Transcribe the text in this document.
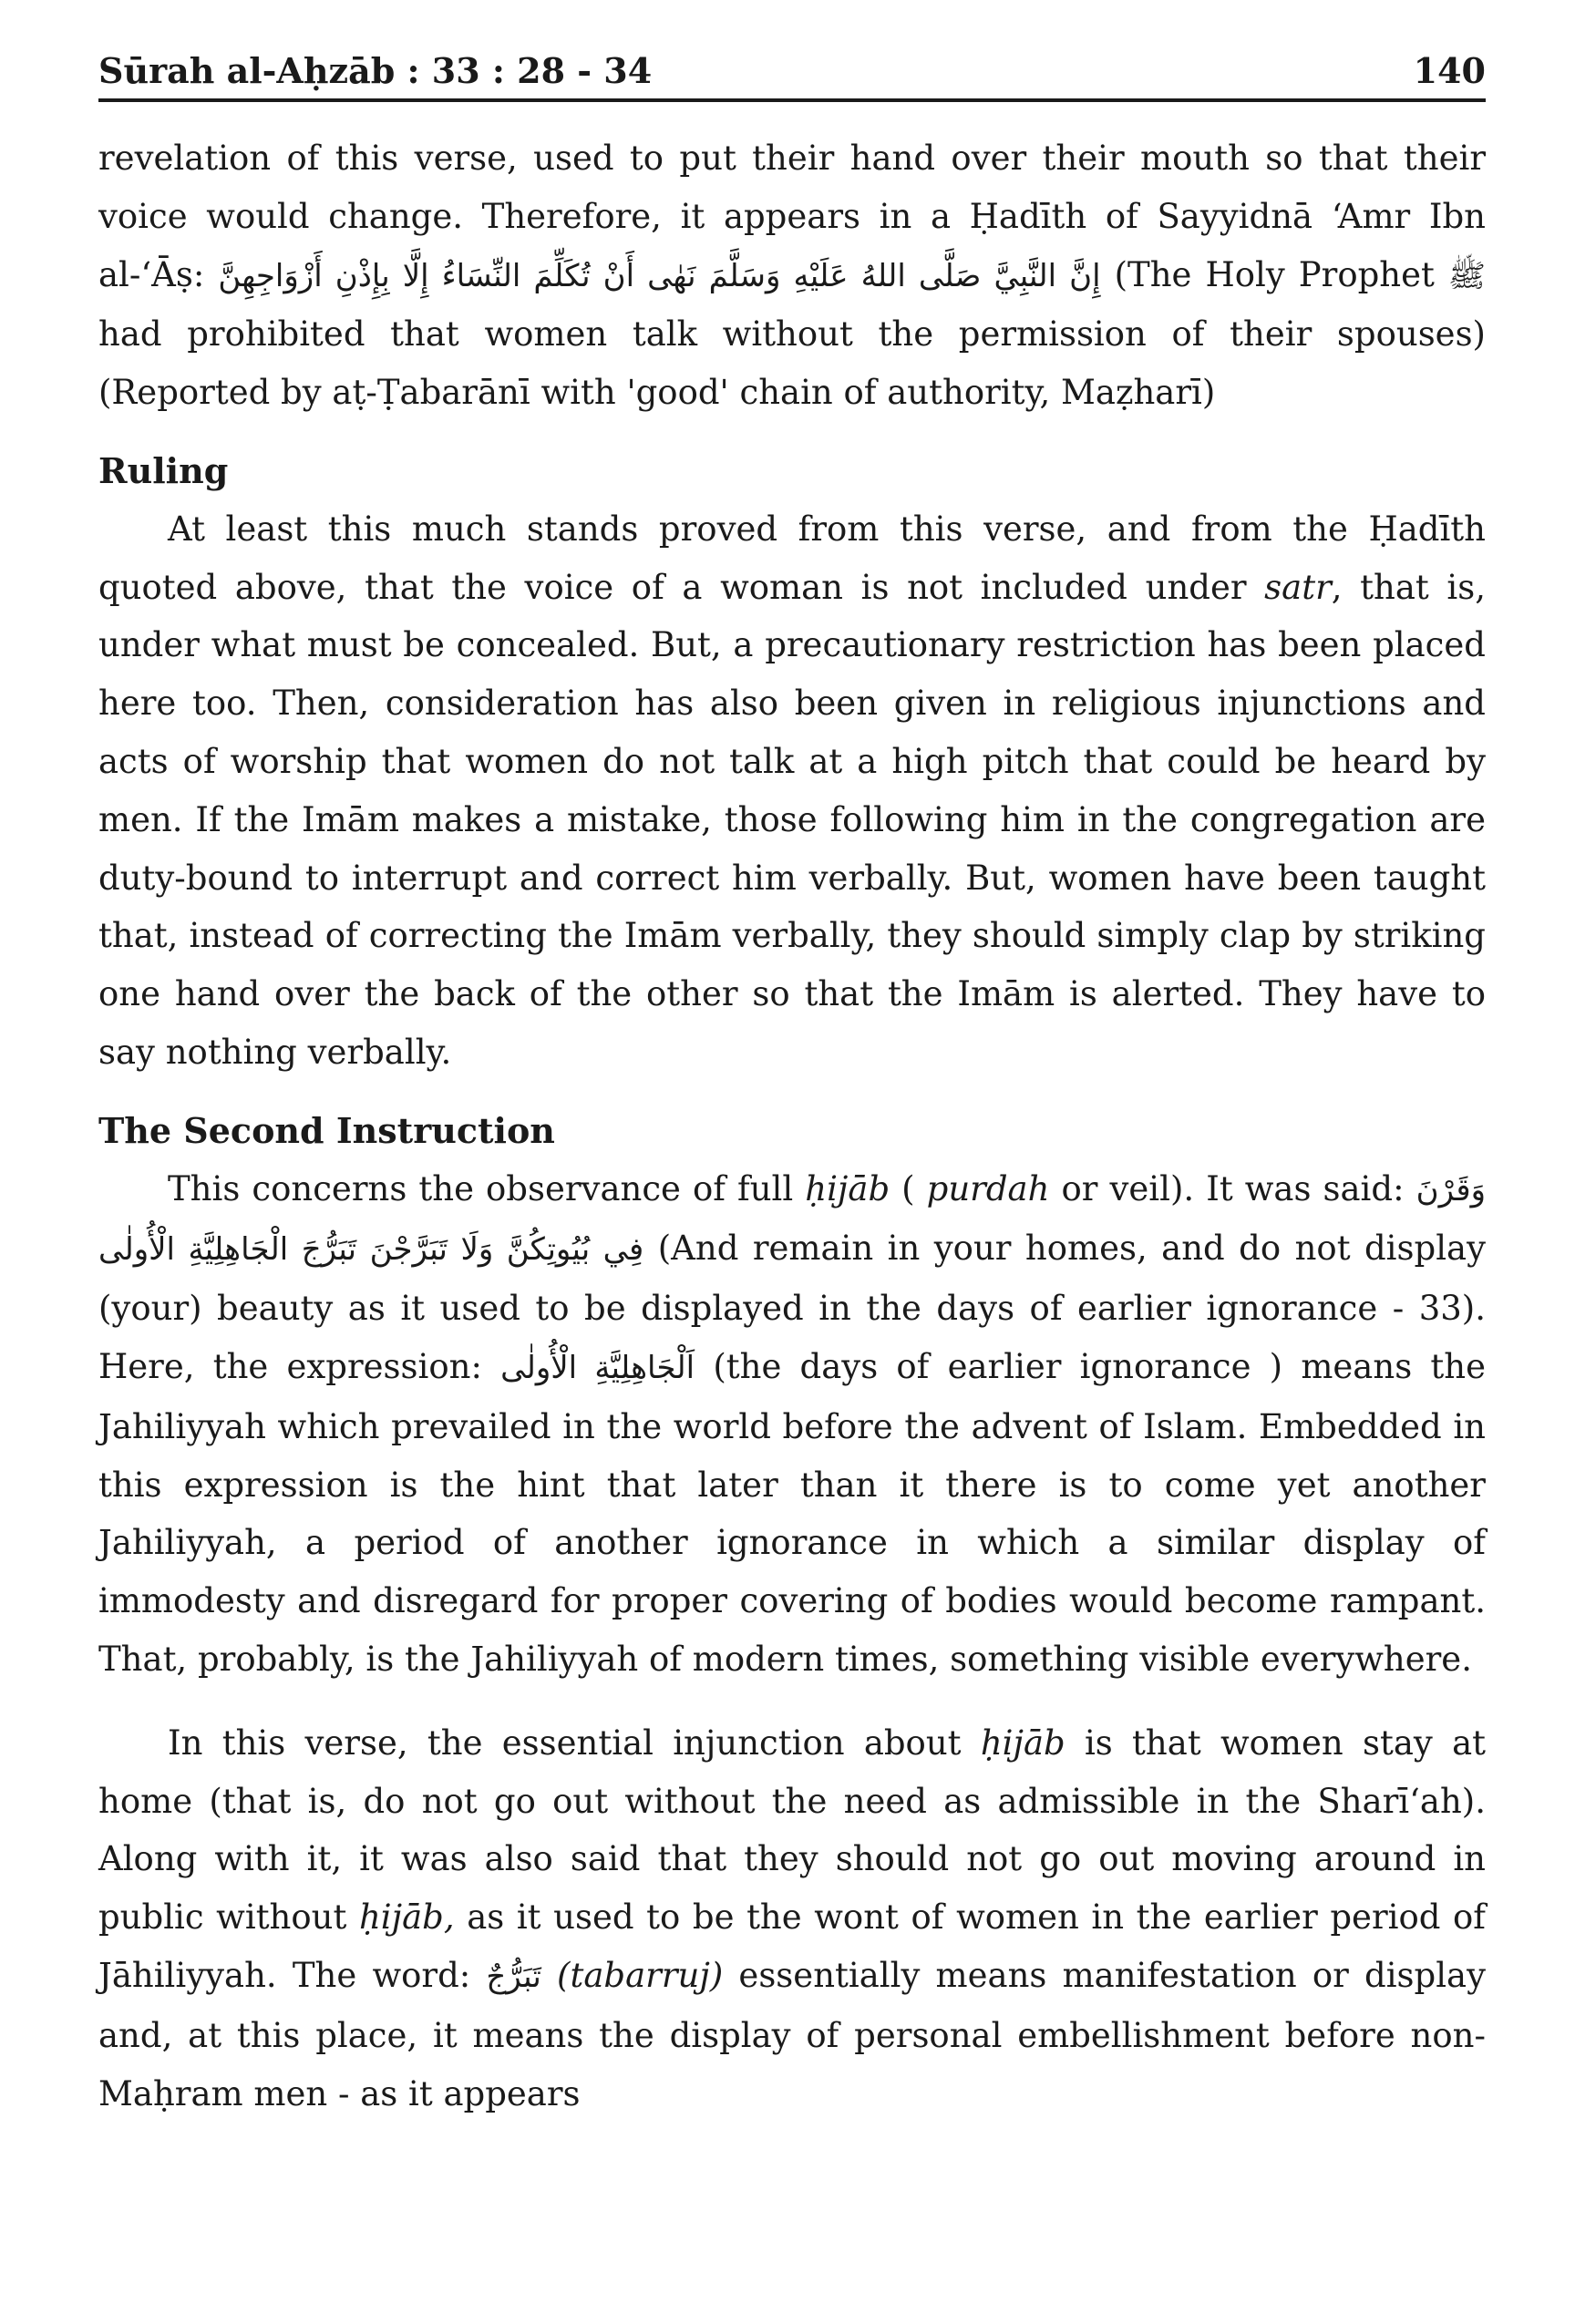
Sūrah al-Aḥzāb : 33 : 28 - 34	140

revelation of this verse, used to put their hand over their mouth so that their voice would change. Therefore, it appears in a Ḥadīth of Sayyidnā ‘Amr Ibn al-‘Āṣ: إِنَّ النَّبِيَّ صَلَّى اللهُ عَلَيْهِ وَسَلَّمَ نَهٰى أَنْ تُكَلِّمَ النِّسَاءُ إِلَّا بِإِذْنِ أَزْوَاجِهِنَّ (The Holy Prophet ﷺ had prohibited that women talk without the permission of their spouses) (Reported by aṭ-Ṭabarānī with 'good' chain of authority, Maẓharī)

Ruling

At least this much stands proved from this verse, and from the Ḥadīth quoted above, that the voice of a woman is not included under satr, that is, under what must be concealed. But, a precautionary restriction has been placed here too. Then, consideration has also been given in religious injunctions and acts of worship that women do not talk at a high pitch that could be heard by men. If the Imām makes a mistake, those following him in the congregation are duty-bound to interrupt and correct him verbally. But, women have been taught that, instead of correcting the Imām verbally, they should simply clap by striking one hand over the back of the other so that the Imām is alerted. They have to say nothing verbally.

The Second Instruction

This concerns the observance of full ḥijāb ( purdah or veil). It was said: وَقَرْنَ فِي بُيُوتِكُنَّ وَلَا تَبَرَّجْنَ تَبَرُّجَ الْجَاهِلِيَّةِ الْأُولٰى (And remain in your homes, and do not display (your) beauty as it used to be displayed in the days of earlier ignorance - 33). Here, the expression: اَلْجَاهِلِيَّةِ الْأُولٰى (the days of earlier ignorance ) means the Jahiliyyah which prevailed in the world before the advent of Islam. Embedded in this expression is the hint that later than it there is to come yet another Jahiliyyah, a period of another ignorance in which a similar display of immodesty and disregard for proper covering of bodies would become rampant. That, probably, is the Jahiliyyah of modern times, something visible everywhere.

In this verse, the essential injunction about ḥijāb is that women stay at home (that is, do not go out without the need as admissible in the Sharī‘ah). Along with it, it was also said that they should not go out moving around in public without ḥijāb, as it used to be the wont of women in the earlier period of Jāhiliyyah. The word: تَبَرُّجٌ (tabarruj) essentially means manifestation or display and, at this place, it means the display of personal embellishment before non-Maḥram men - as it appears
